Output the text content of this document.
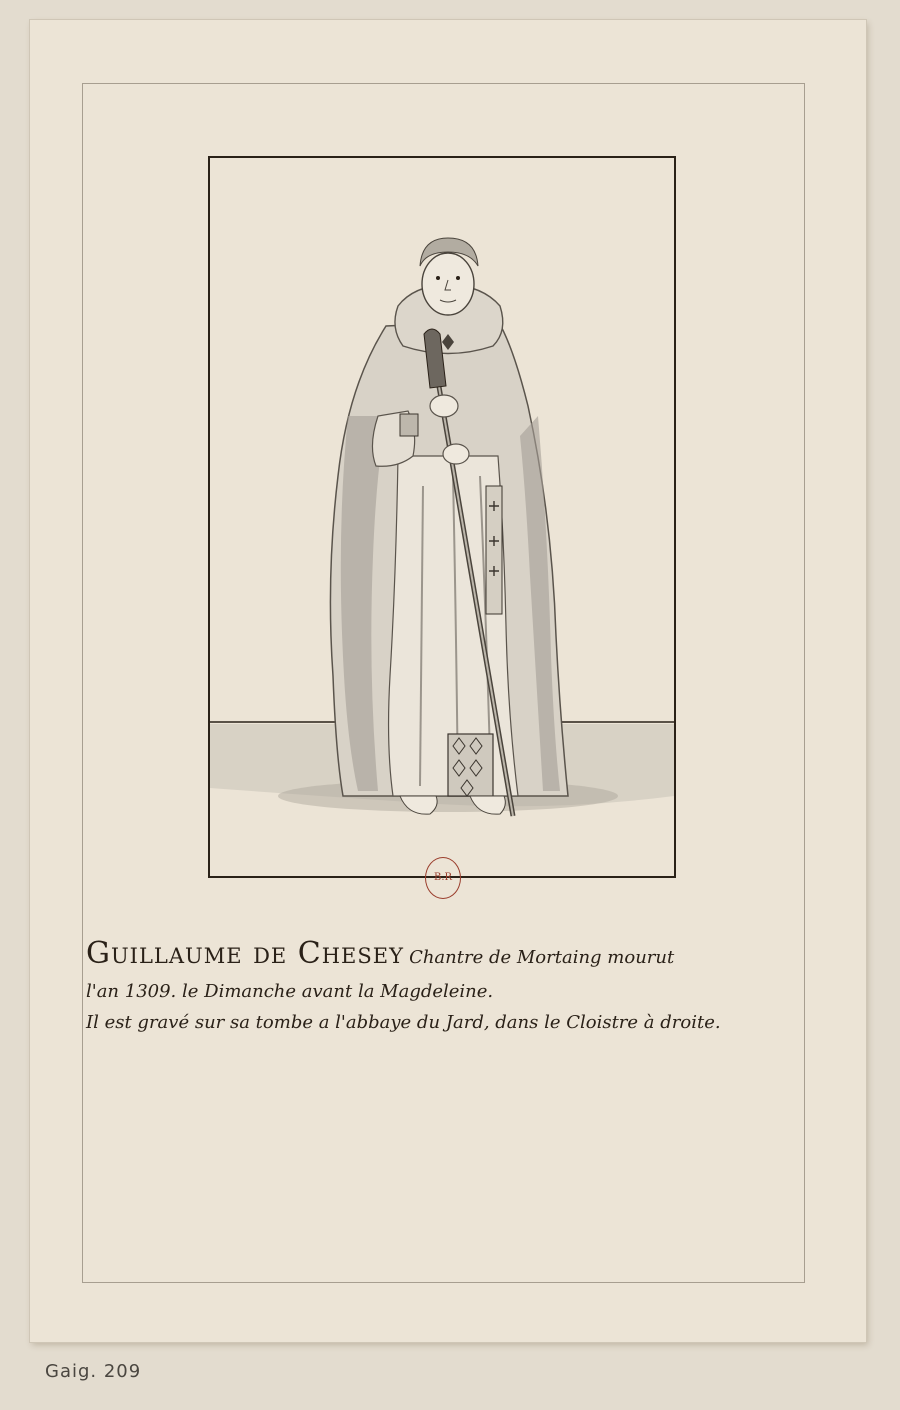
B.R
Guillaume de Chesey Chantre de Mortaing mourut
l'an 1309. le Dimanche avant la Magdeleine.
Il est gravé sur sa tombe a l'abbaye du Jard, dans le Cloistre à droite.
Gaig. 209
